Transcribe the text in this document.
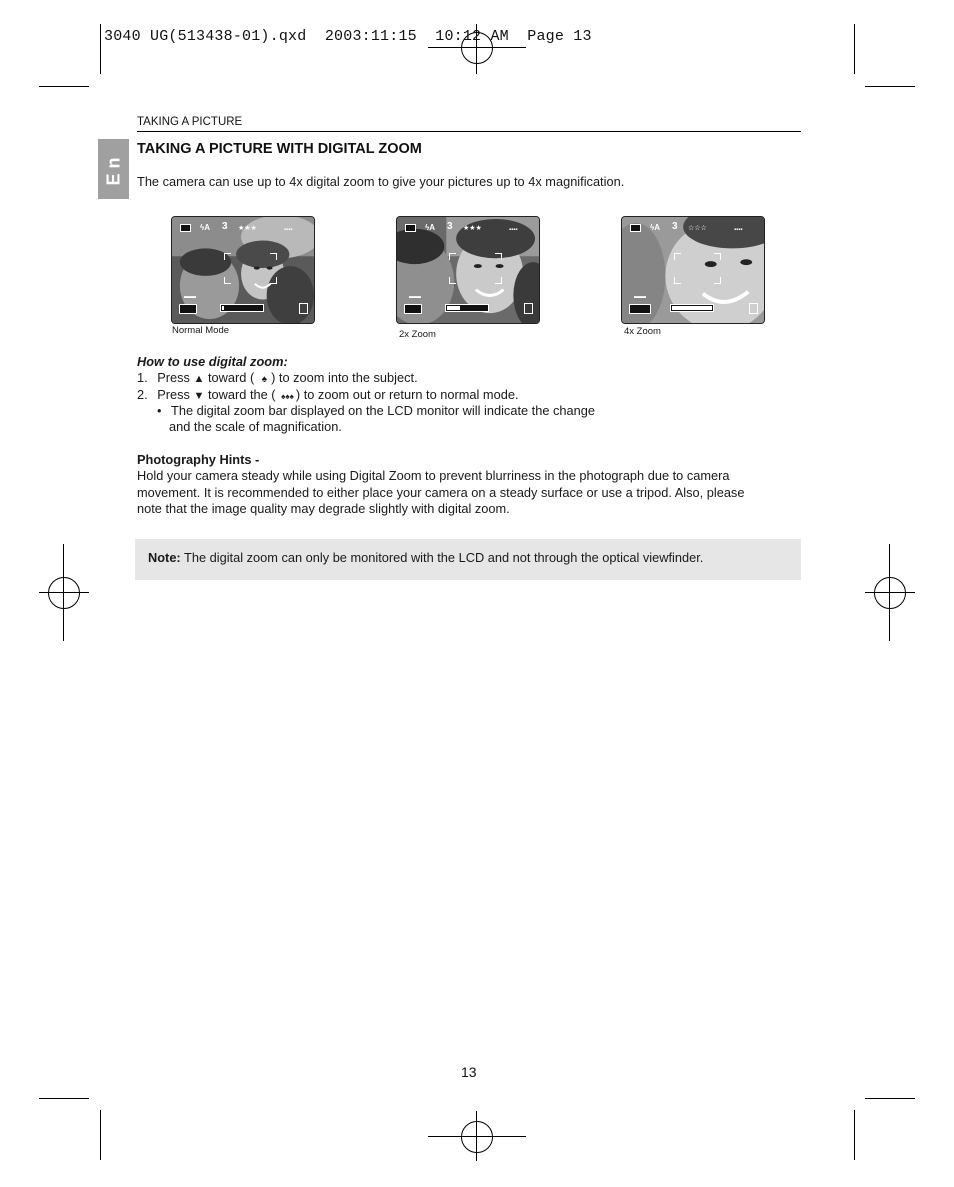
3040 UG(513438-01).qxd  2003:11:15  10:12 AM  Page 13
TAKING A PICTURE
En
TAKING A PICTURE WITH DIGITAL ZOOM
The camera can use up to 4x digital zoom to give your pictures up to 4x magnification.
ϟA 3 ★★★	▪▪▪▪
▬▬
ϟA 3 ★★★	▪▪▪▪
▬▬
ϟA 3 ☆☆☆	▪▪▪▪
▬▬
Normal Mode	2x Zoom	4x Zoom
How to use digital zoom:
1. Press ▲ toward ( ♠ ) to zoom into the subject.
2. Press ▼ toward the ( ♠♠♠ ) to zoom out or return to normal mode.
• The digital zoom bar displayed on the LCD monitor will indicate the change
and the scale of magnification.
Photography Hints -
Hold your camera steady while using Digital Zoom to prevent blurriness in the photograph due to camera
movement. It is recommended to either place your camera on a steady surface or use a tripod. Also, please
note that the image quality may degrade slightly with digital zoom.
Note: The digital zoom can only be monitored with the LCD and not through the optical viewfinder.
13
